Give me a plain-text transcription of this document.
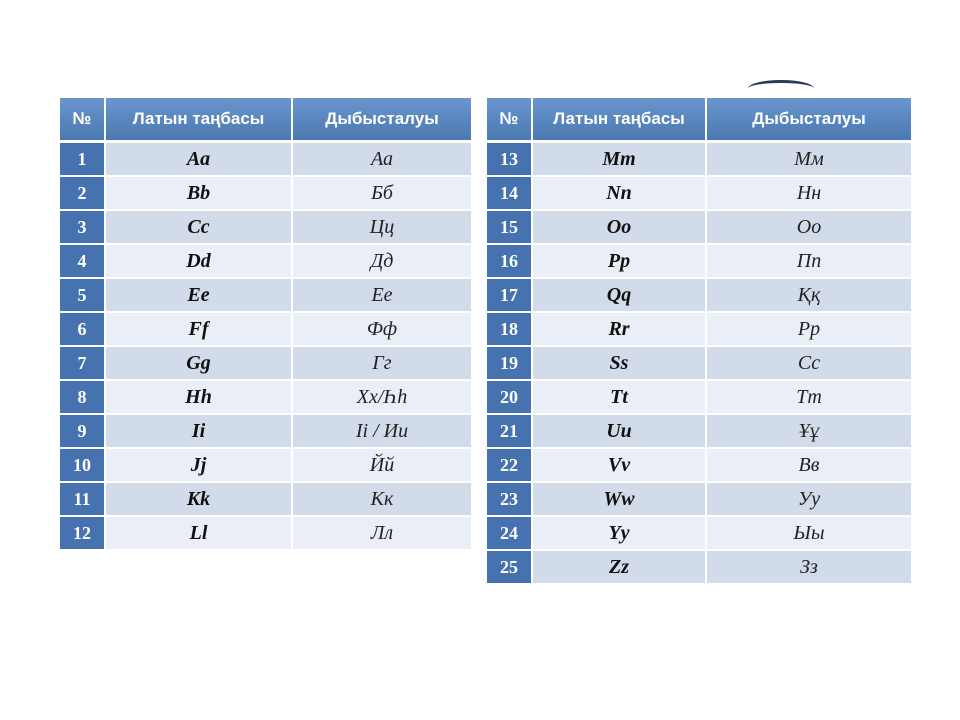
№	Латын таңбасы	Дыбысталуы
1	Aa	Аа
2	Bb	Бб
3	Cc	Цц
4	Dd	Дд
5	Ee	Ее
6	Ff	Фф
7	Gg	Гг
8	Hh	Хх/Һһ
9	Ii	Іі / Ии
10	Jj	Йй
11	Kk	Кк
12	Ll	Лл
№	Латын таңбасы	Дыбысталуы
13	Mm	Мм
14	Nn	Нн
15	Oo	Оо
16	Pp	Пп
17	Qq	Ққ
18	Rr	Рр
19	Ss	Сс
20	Tt	Тт
21	Uu	Ұұ
22	Vv	Вв
23	Ww	Уу
24	Yy	Ыы
25	Zz	Зз
